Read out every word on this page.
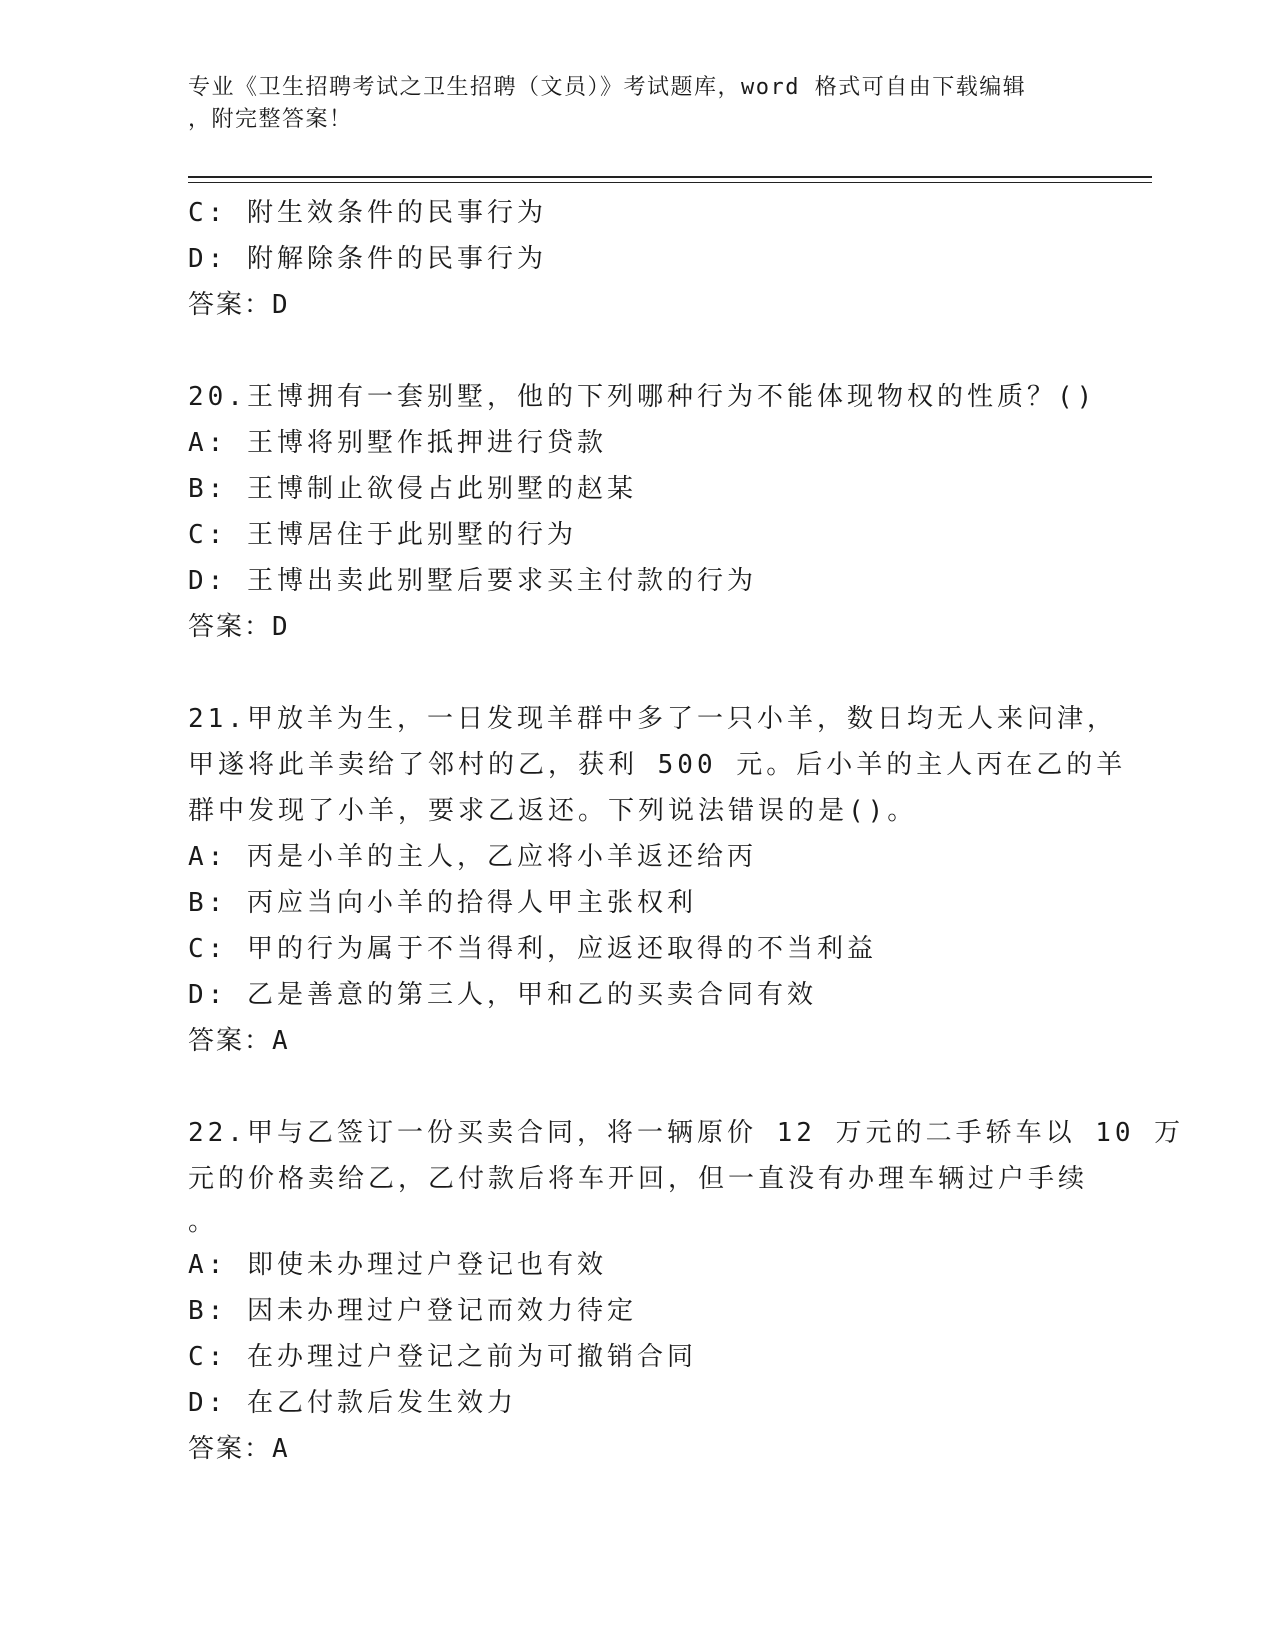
专业《卫生招聘考试之卫生招聘（文员）》考试题库，word 格式可自由下载编辑
，附完整答案！
C: 附生效条件的民事行为
D: 附解除条件的民事行为
答案：D
20.王博拥有一套别墅，他的下列哪种行为不能体现物权的性质？()
A: 王博将别墅作抵押进行贷款
B: 王博制止欲侵占此别墅的赵某
C: 王博居住于此别墅的行为
D: 王博出卖此别墅后要求买主付款的行为
答案：D
21.甲放羊为生，一日发现羊群中多了一只小羊，数日均无人来问津，
甲遂将此羊卖给了邻村的乙，获利 500 元。后小羊的主人丙在乙的羊
群中发现了小羊，要求乙返还。下列说法错误的是()。
A: 丙是小羊的主人，乙应将小羊返还给丙
B: 丙应当向小羊的拾得人甲主张权利
C: 甲的行为属于不当得利，应返还取得的不当利益
D: 乙是善意的第三人，甲和乙的买卖合同有效
答案：A
22.甲与乙签订一份买卖合同，将一辆原价 12 万元的二手轿车以 10 万
元的价格卖给乙，乙付款后将车开回，但一直没有办理车辆过户手续
。
A: 即使未办理过户登记也有效
B: 因未办理过户登记而效力待定
C: 在办理过户登记之前为可撤销合同
D: 在乙付款后发生效力
答案：A
